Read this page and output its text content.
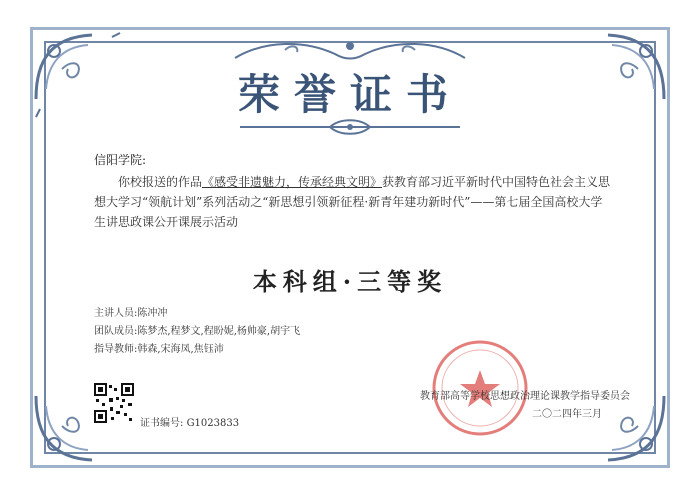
荣誉证书
信阳学院:

你校报送的作品《感受非遗魅力，传承经典文明》获教育部习近平新时代中国特色社会主义思想大学习“领航计划”系列活动之“新思想引领新征程·新青年建功新时代”——第七届全国高校大学生讲思政课公开课展示活动

本科组·三等奖
主讲人员:陈冲冲
团队成员:陈梦杰,程梦文,程盼妮,杨帅豪,胡宇飞
指导教师:韩森,宋海凤,焦钰沛
证书编号: G1023833
教育部高等学校思想政治理论课教学指导委员会
二〇二四年三月
